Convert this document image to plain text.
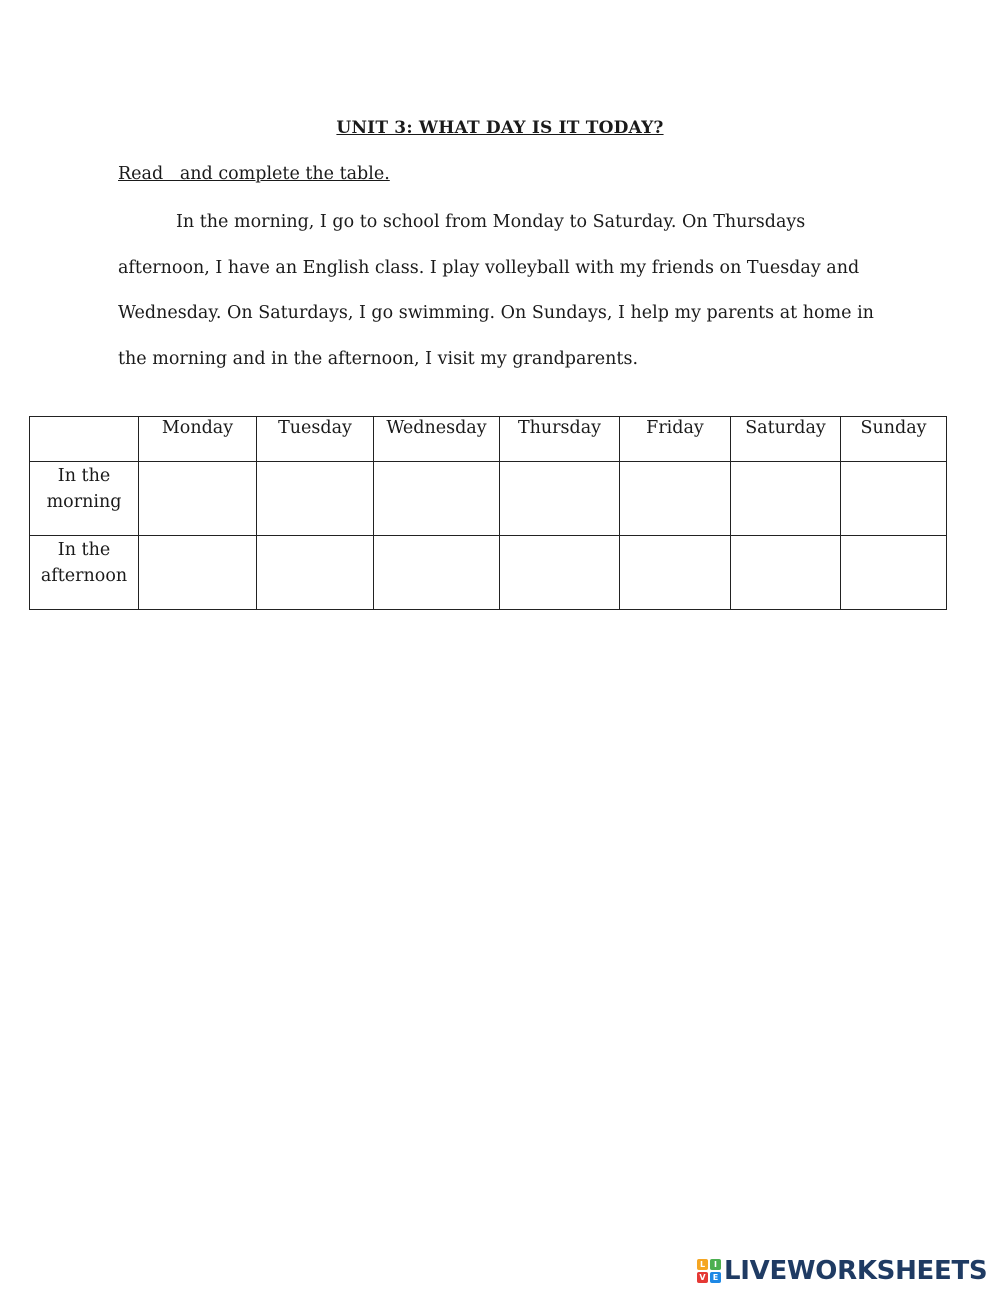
UNIT 3: WHAT DAY IS IT TODAY?
Read   and complete the table.

In the morning, I go to school from Monday to Saturday. On Thursdays afternoon, I have an English class. I play volleyball with my friends on Tuesday and Wednesday. On Saturdays, I go swimming. On Sundays, I help my parents at home in the morning and in the afternoon, I visit my grandparents.

	Monday	Tuesday	Wednesday	Thursday	Friday	Saturday	Sunday

In the
morning							

In the
afternoon							

L	I
V E LIVEWORKSHEETS
